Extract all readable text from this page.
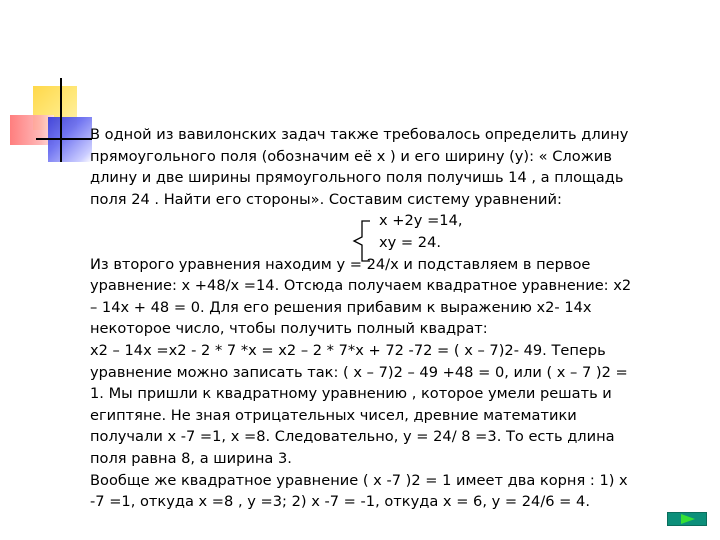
В одной из вавилонских задач также требовалось определить длину
прямоугольного поля (обозначим её х ) и его ширину (у): « Сложив
длину и две ширины прямоугольного поля получишь 14 , а площадь
поля 24 . Найти его стороны». Составим систему уравнений:
х +2у =14,
ху = 24.
Из второго уравнения находим у = 24/х и подставляем в первое
уравнение: х +48/х =14. Отсюда получаем квадратное уравнение: х2
– 14х + 48 = 0. Для его решения прибавим к выражению х2- 14х
некоторое число, чтобы получить полный квадрат:
х2 – 14х =х2 - 2 * 7 *х = х2 – 2 * 7*х + 72 -72 = ( х – 7)2- 49. Теперь
уравнение можно записать так: ( х – 7)2 – 49 +48 = 0, или ( х – 7 )2 =
1. Мы пришли к квадратному уравнению , которое умели решать и
египтяне. Не зная отрицательных чисел, древние математики
получали х -7 =1, х =8. Следовательно, у = 24/ 8 =3. То есть длина
поля равна 8, а ширина 3.
Вообще же квадратное уравнение ( х -7 )2 = 1 имеет два корня : 1) х
-7 =1, откуда х =8 , у =3; 2) х -7 = -1, откуда х = 6, у = 24/6 = 4.
